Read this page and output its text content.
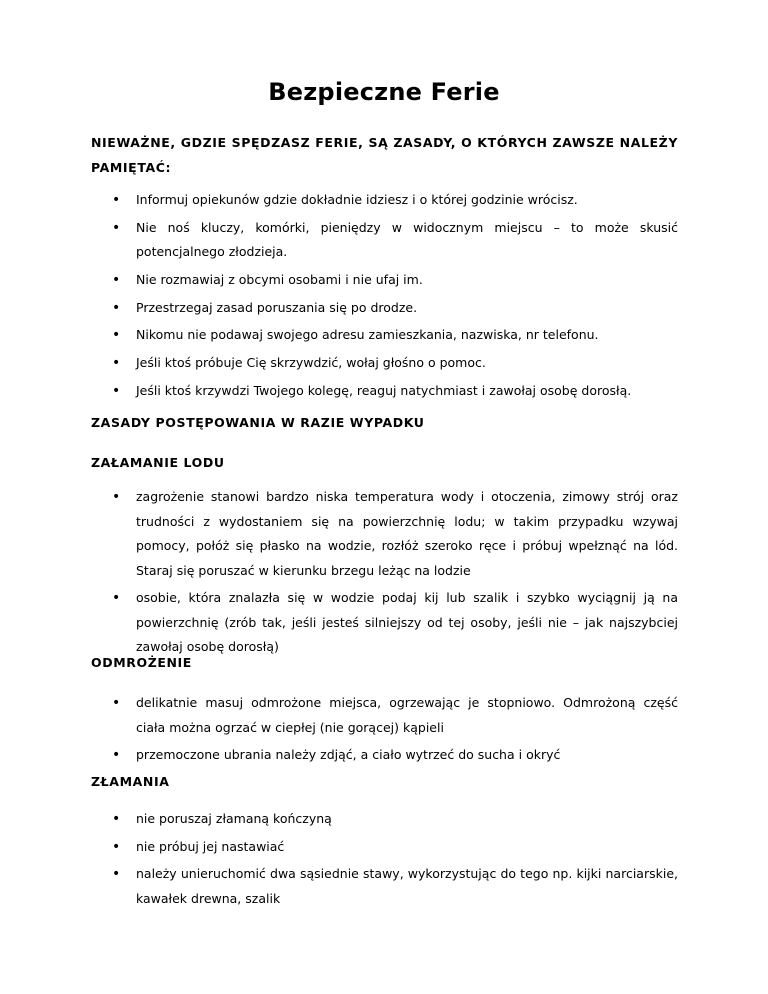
Bezpieczne Ferie

NIEWAŻNE, GDZIE SPĘDZASZ FERIE, SĄ ZASADY, O KTÓRYCH ZAWSZE NALEŻY PAMIĘTAĆ:

• Informuj opiekunów gdzie dokładnie idziesz i o której godzinie wrócisz.
• Nie noś kluczy, komórki, pieniędzy w widocznym miejscu – to może skusić potencjalnego złodzieja.
• Nie rozmawiaj z obcymi osobami i nie ufaj im.
• Przestrzegaj zasad poruszania się po drodze.
• Nikomu nie podawaj swojego adresu zamieszkania, nazwiska, nr telefonu.
• Jeśli ktoś próbuje Cię skrzywdzić, wołaj głośno o pomoc.
• Jeśli ktoś krzywdzi Twojego kolegę, reaguj natychmiast i zawołaj osobę dorosłą.

ZASADY POSTĘPOWANIA W RAZIE WYPADKU

ZAŁAMANIE LODU

• zagrożenie stanowi bardzo niska temperatura wody i otoczenia, zimowy strój oraz trudności z wydostaniem się na powierzchnię lodu; w takim przypadku wzywaj pomocy, połóż się płasko na wodzie, rozłóż szeroko ręce i próbuj wpełznąć na lód. Staraj się poruszać w kierunku brzegu leżąc na lodzie
• osobie, która znalazła się w wodzie podaj kij lub szalik i szybko wyciągnij ją na powierzchnię (zrób tak, jeśli jesteś silniejszy od tej osoby, jeśli nie – jak najszybciej zawołaj osobę dorosłą)

ODMROŻENIE

• delikatnie masuj odmrożone miejsca, ogrzewając je stopniowo. Odmrożoną część ciała można ogrzać w ciepłej (nie gorącej) kąpieli
• przemoczone ubrania należy zdjąć, a ciało wytrzeć do sucha i okryć

ZŁAMANIA

• nie poruszaj złamaną kończyną
• nie próbuj jej nastawiać
• należy unieruchomić dwa sąsiednie stawy, wykorzystując do tego np. kijki narciarskie, kawałek drewna, szalik
